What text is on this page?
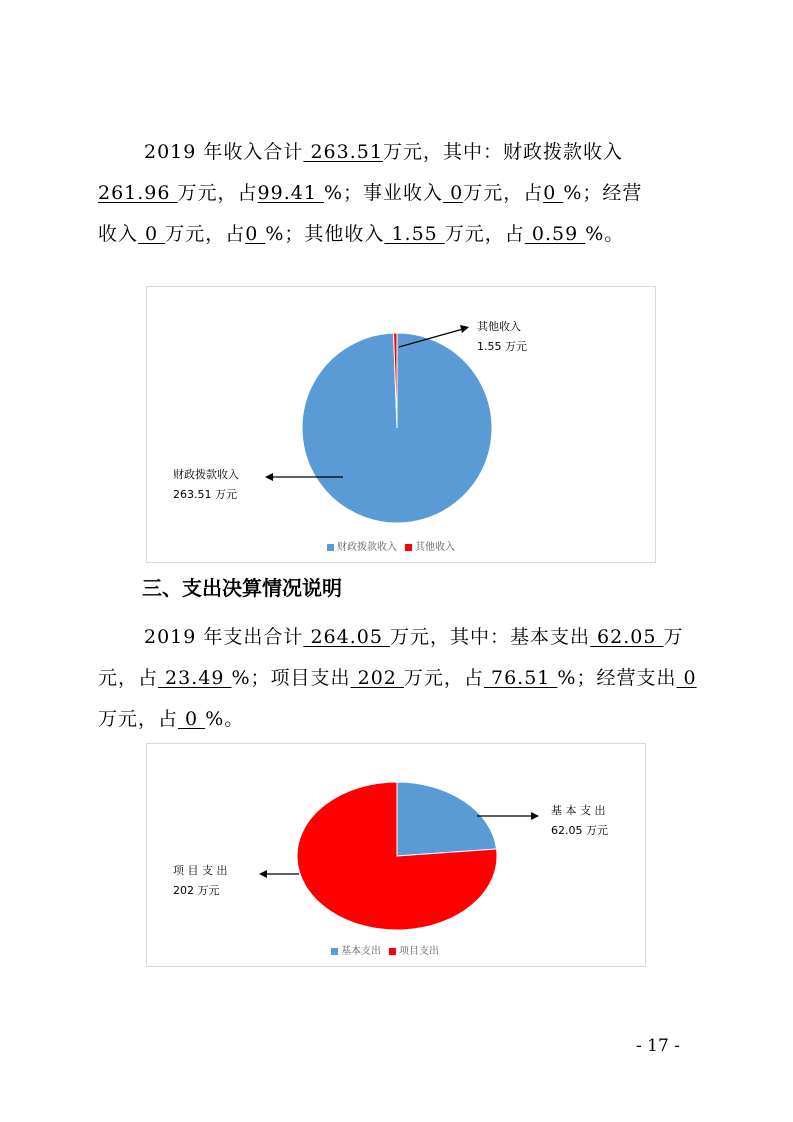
2019 年收入合计 263.51万元，其中：财政拨款收入
261.96 万元，占99.41 %；事业收入 0万元，占0 %；经营
收入 0 万元，占0 %；其他收入 1.55 万元，占 0.59 %。
其他收入
1.55 万元
财政拨款收入
263.51 万元
财政拨款收入 其他收入
三、支出决算情况说明
2019 年支出合计 264.05 万元，其中：基本支出 62.05 万
元，占 23.49 %；项目支出 202 万元，占 76.51 %；经营支出 0
万元，占 0 %。
基 本 支 出
62.05 万元
项 目 支 出
202 万元
基本支出 项目支出
- 17 -
